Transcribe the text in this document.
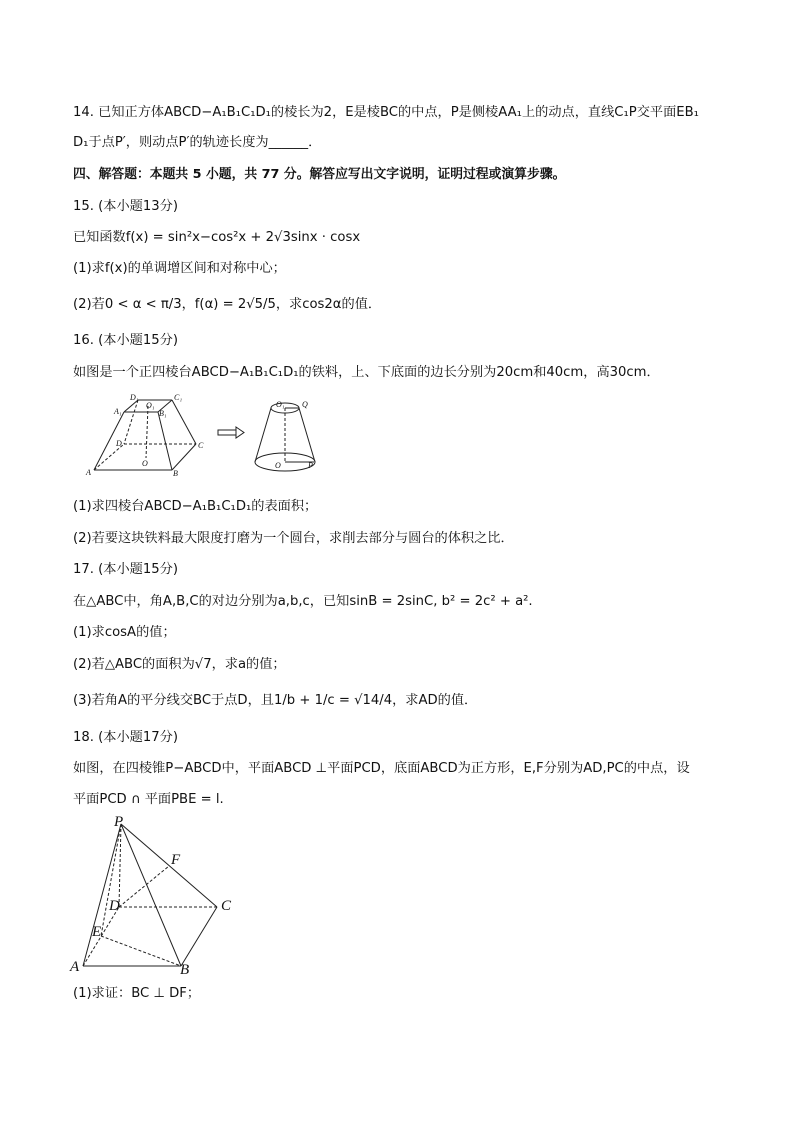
14. 已知正方体ABCD−A₁B₁C₁D₁的棱长为2，E是棱BC的中点，P是侧棱AA₁上的动点，直线C₁P交平面EB₁
D₁于点P′，则动点P′的轨迹长度为______．
四、解答题：本题共 5 小题，共 77 分。解答应写出文字说明，证明过程或演算步骤。
15. (本小题13分)
已知函数f(x) = sin²x−cos²x + 2√3sinx · cosx
(1)求f(x)的单调增区间和对称中心；
(2)若0 < α < π/3，f(α) = 2√5/5，求cos2α的值．
16. (本小题15分)
如图是一个正四棱台ABCD−A₁B₁C₁D₁的铁料，上、下底面的边长分别为20cm和40cm，高30cm．
A	B
C
D
A₁	B₁
C₁
D₁
O₁
O
O₁ Q
O	P
(1)求四棱台ABCD−A₁B₁C₁D₁的表面积；
(2)若要这块铁料最大限度打磨为一个圆台，求削去部分与圆台的体积之比．
17. (本小题15分)
在△ABC中，角A,B,C的对边分别为a,b,c，已知sinB = 2sinC, b² = 2c² + a².
(1)求cosA的值；
(2)若△ABC的面积为√7，求a的值；
(3)若角A的平分线交BC于点D，且1/b + 1/c = √14/4，求AD的值．
18. (本小题17分)
如图，在四棱锥P−ABCD中，平面ABCD ⊥平面PCD，底面ABCD为正方形，E,F分别为AD,PC的中点，设
平面PCD ∩ 平面PBE = l.
P
F
D	C
E
A	B
(1)求证：BC ⊥ DF；
